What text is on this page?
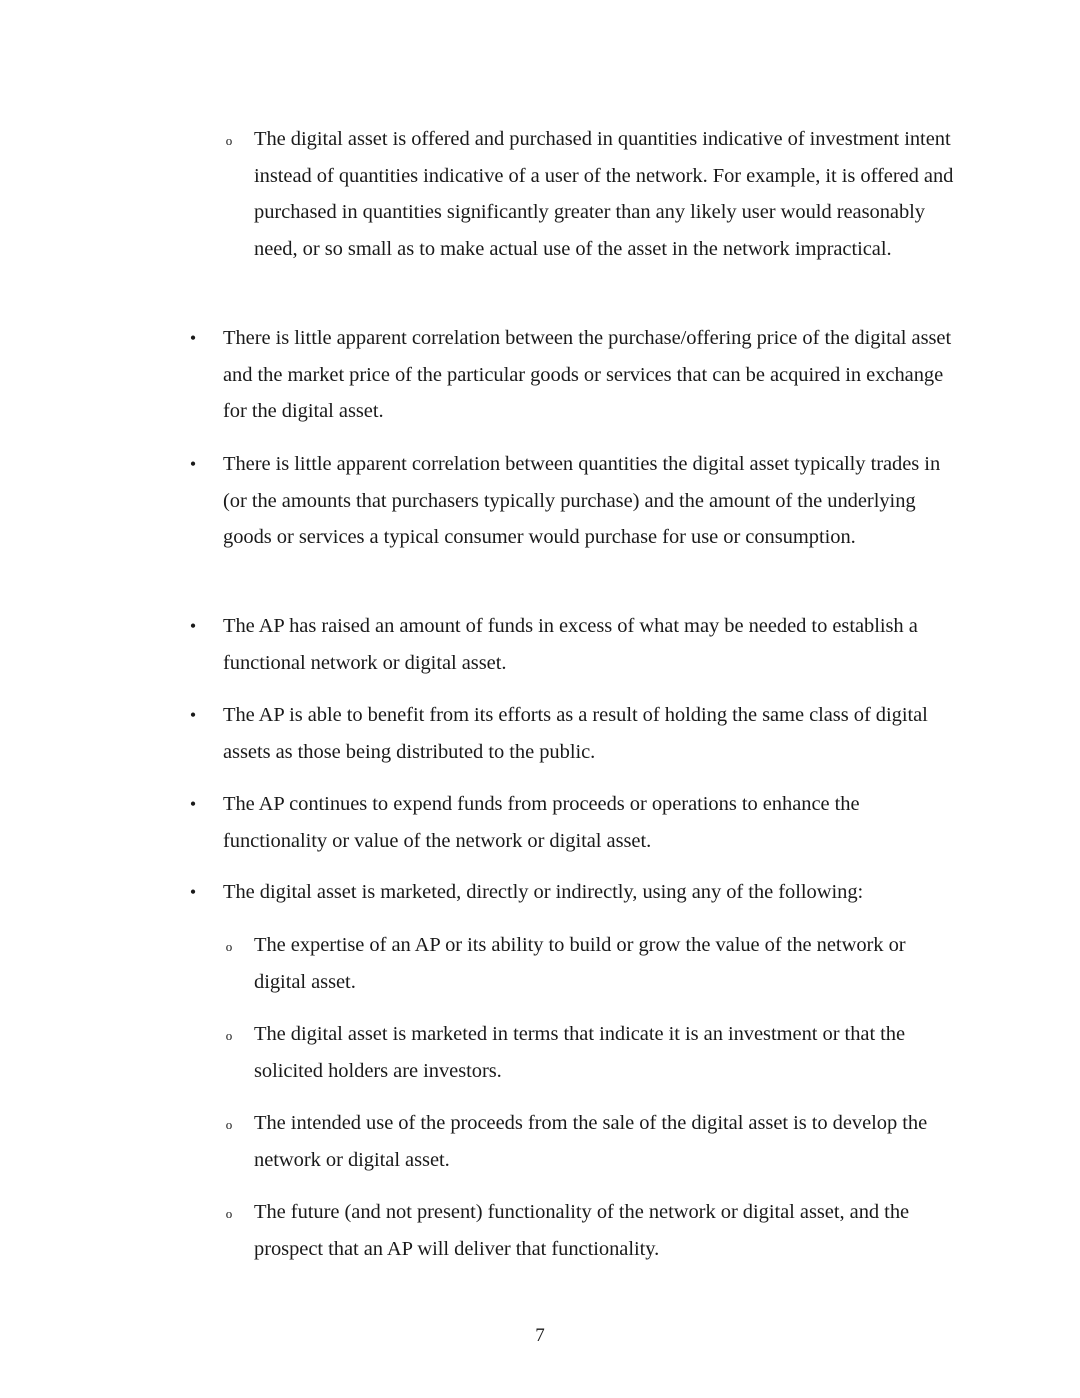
o	The digital asset is offered and purchased in quantities indicative of investment intent instead of quantities indicative of a user of the network. For example, it is offered and purchased in quantities significantly greater than any likely user would reasonably need, or so small as to make actual use of the asset in the network impractical.
•	There is little apparent correlation between the purchase/offering price of the digital asset and the market price of the particular goods or services that can be acquired in exchange for the digital asset.
•	There is little apparent correlation between quantities the digital asset typically trades in (or the amounts that purchasers typically purchase) and the amount of the underlying goods or services a typical consumer would purchase for use or consumption.
•	The AP has raised an amount of funds in excess of what may be needed to establish a functional network or digital asset.
•	The AP is able to benefit from its efforts as a result of holding the same class of digital assets as those being distributed to the public.
•	The AP continues to expend funds from proceeds or operations to enhance the functionality or value of the network or digital asset.
•	The digital asset is marketed, directly or indirectly, using any of the following:
o	The expertise of an AP or its ability to build or grow the value of the network or digital asset.
o	The digital asset is marketed in terms that indicate it is an investment or that the solicited holders are investors.
o	The intended use of the proceeds from the sale of the digital asset is to develop the network or digital asset.
o	The future (and not present) functionality of the network or digital asset, and the prospect that an AP will deliver that functionality.
7
